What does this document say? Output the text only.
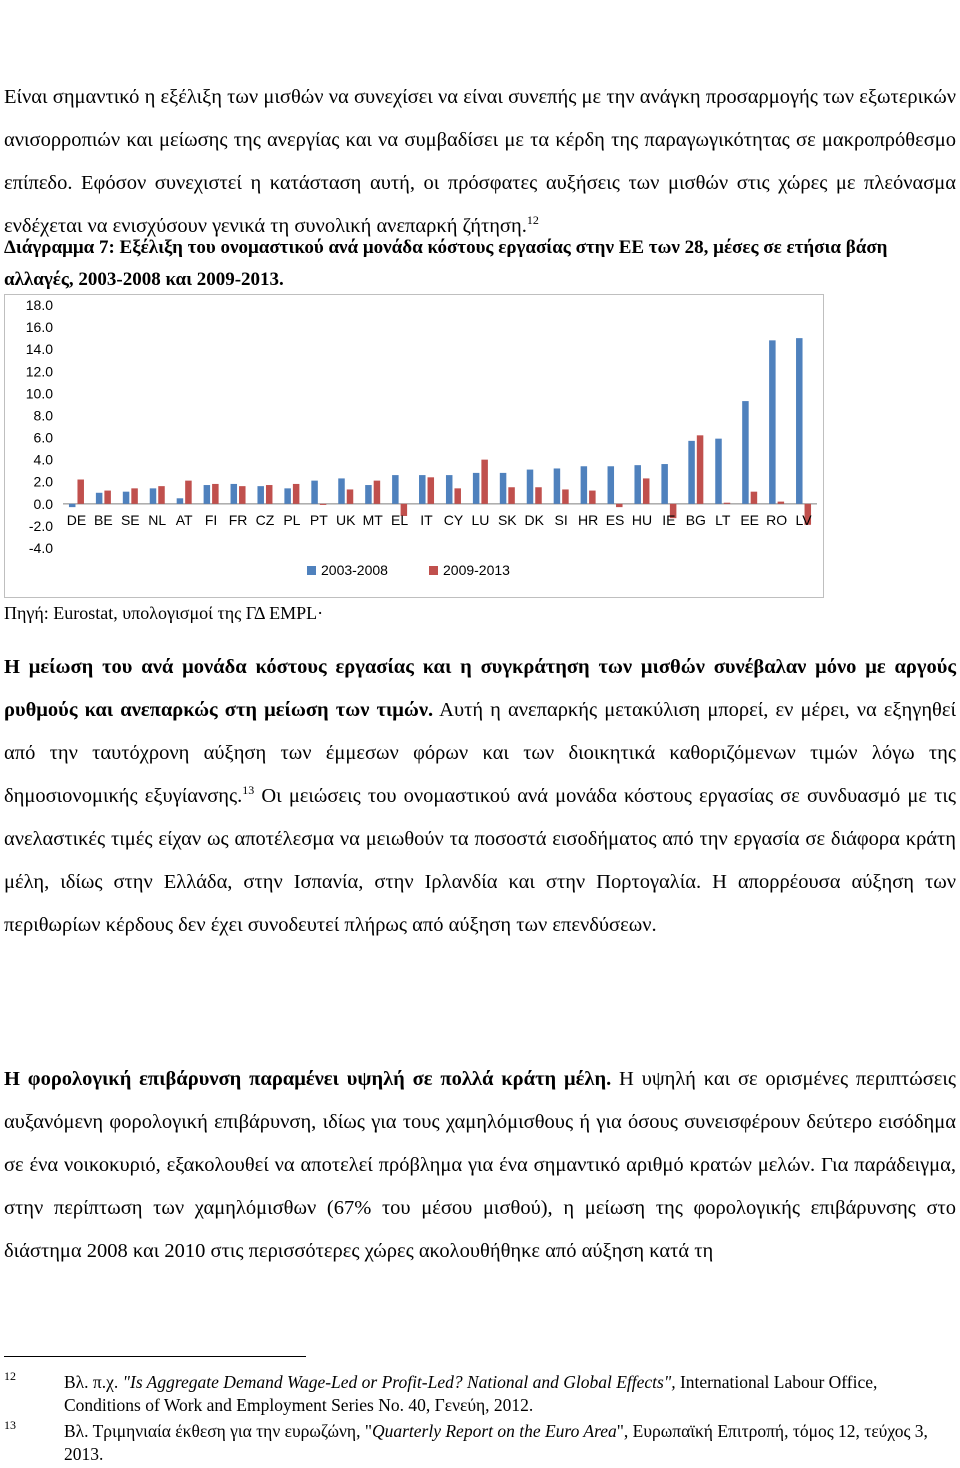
Είναι σημαντικό η εξέλιξη των μισθών να συνεχίσει να είναι συνεπής με την ανάγκη προσαρμογής των εξωτερικών ανισορροπιών και μείωσης της ανεργίας και να συμβαδίσει με τα κέρδη της παραγωγικότητας σε μακροπρόθεσμο επίπεδο. Εφόσον συνεχιστεί η κατάσταση αυτή, οι πρόσφατες αυξήσεις των μισθών στις χώρες με πλεόνασμα ενδέχεται να ενισχύσουν γενικά τη συνολική ανεπαρκή ζήτηση.$^{12}$
Διάγραμμα 7: Εξέλιξη του ονομαστικού ανά μονάδα κόστους εργασίας στην ΕΕ των 28, μέσες σε ετήσια βάση αλλαγές, 2003-2008 και 2009-2013.
18.0
16.0
14.0
12.0
10.0
8.0
6.0
4.0
2.0
0.0
-2.0
-4.0
DE BE SE NL AT FI FR CZ PL PT UK MT EL IT CY LU SK DK SI HR ES HU IE BG LT EE RO LV
2003-2008	2009-2013
Πηγή: Eurostat, υπολογισμοί της ΓΔ EMPL·
Η μείωση του ανά μονάδα κόστους εργασίας και η συγκράτηση των μισθών συνέβαλαν μόνο με αργούς ρυθμούς και ανεπαρκώς στη μείωση των τιμών. Αυτή η ανεπαρκής μετακύλιση μπορεί, εν μέρει, να εξηγηθεί από την ταυτόχρονη αύξηση των έμμεσων φόρων και των διοικητικά καθοριζόμενων τιμών λόγω της δημοσιονομικής εξυγίανσης.$^{13}$ Οι μειώσεις του ονομαστικού ανά μονάδα κόστους εργασίας σε συνδυασμό με τις ανελαστικές τιμές είχαν ως αποτέλεσμα να μειωθούν τα ποσοστά εισοδήματος από την εργασία σε διάφορα κράτη μέλη, ιδίως στην Ελλάδα, στην Ισπανία, στην Ιρλανδία και στην Πορτογαλία. Η απορρέουσα αύξηση των περιθωρίων κέρδους δεν έχει συνοδευτεί πλήρως από αύξηση των επενδύσεων.
Η φορολογική επιβάρυνση παραμένει υψηλή σε πολλά κράτη μέλη. Η υψηλή και σε ορισμένες περιπτώσεις αυξανόμενη φορολογική επιβάρυνση, ιδίως για τους χαμηλόμισθους ή για όσους συνεισφέρουν δεύτερο εισόδημα σε ένα νοικοκυριό, εξακολουθεί να αποτελεί πρόβλημα για ένα σημαντικό αριθμό κρατών μελών. Για παράδειγμα, στην περίπτωση των χαμηλόμισθων (67% του μέσου μισθού), η μείωση της φορολογικής επιβάρυνσης στο διάστημα 2008 και 2010 στις περισσότερες χώρες ακολουθήθηκε από αύξηση κατά τη
12	Βλ. π.χ. "Is Aggregate Demand Wage-Led or Profit-Led? National and Global Effects", International Labour Office, Conditions of Work and Employment Series No. 40, Γενεύη, 2012.
13	Βλ. Τριμηνιαία έκθεση για την ευρωζώνη, "Quarterly Report on the Euro Area", Ευρωπαϊκή Επιτροπή, τόμος 12, τεύχος 3, 2013.
